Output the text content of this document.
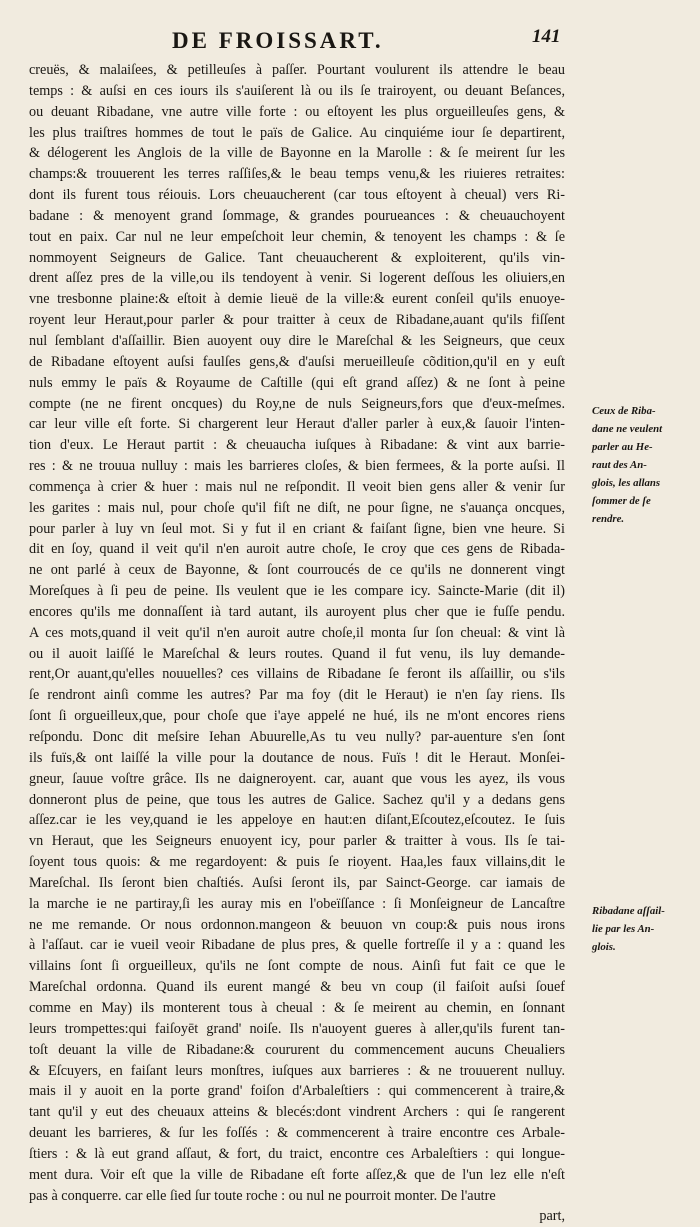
DE FROISSART.	141
creuës, & malaiſees, & petilleuſes à paſſer. Pourtant voulurent ils attendre le beau
temps : & auſsi en ces iours ils s'auiſerent là ou ils ſe trairoyent, ou deuant Beſances,
ou deuant Ribadane, vne autre ville forte : ou eſtoyent les plus orgueilleuſes gens, &
les plus traiſtres hommes de tout le païs de Galice. Au cinquiéme iour ſe departirent,
& délogerent les Anglois de la ville de Bayonne en la Marolle : & ſe meirent ſur les
champs:& trouuerent les terres raſſiſes,& le beau temps venu,& les riuieres retraites:
dont ils furent tous réiouis. Lors cheuaucherent (car tous eſtoyent à cheual) vers Ri-
badane : & menoyent grand ſommage, & grandes pourueances : & cheuauchoyent
tout en paix. Car nul ne leur empeſchoit leur chemin, & tenoyent les champs : & ſe
nommoyent Seigneurs de Galice. Tant cheuaucherent & exploiterent, qu'ils vin-
drent aſſez pres de la ville,ou ils tendoyent à venir. Si logerent deſſous les oliuiers,en
vne tresbonne plaine:& eſtoit à demie lieuë de la ville:& eurent conſeil qu'ils enuoye-
royent leur Heraut,pour parler & pour traitter à ceux de Ribadane,auant qu'ils fiſſent
nul ſemblant d'aſſaillir. Bien auoyent ouy dire le Mareſchal & les Seigneurs, que ceux
de Ribadane eſtoyent auſsi faulſes gens,& d'auſsi merueilleuſe cõdition,qu'il en y euſt
nuls emmy le païs & Royaume de Caſtille (qui eſt grand aſſez) & ne ſont à peine
compte (ne ne firent oncques) du Roy,ne de nuls Seigneurs,fors que d'eux-meſmes.
car leur ville eſt forte. Si chargerent leur Heraut d'aller parler à eux,& ſauoir l'inten-
tion d'eux. Le Heraut partit : & cheuaucha iuſques à Ribadane: & vint aux barrie-
res : & ne trouua nulluy : mais les barrieres cloſes, & bien fermees, & la porte auſsi. Il
commença à crier & huer : mais nul ne reſpondit. Il veoit bien gens aller & venir ſur
les garites : mais nul, pour choſe qu'il fiſt ne diſt, ne pour ſigne, ne s'auança oncques,
pour parler à luy vn ſeul mot. Si y fut il en criant & faiſant ſigne, bien vne heure. Si
dit en ſoy, quand il veit qu'il n'en auroit autre choſe, Ie croy que ces gens de Ribada-
ne ont parlé à ceux de Bayonne, & ſont courroucés de ce qu'ils ne donnerent vingt
Moreſques à ſi peu de peine. Ils veulent que ie les compare icy. Saincte-Marie (dit il)
encores qu'ils me donnaſſent ià tard autant, ils auroyent plus cher que ie fuſſe pendu.
A ces mots,quand il veit qu'il n'en auroit autre choſe,il monta ſur ſon cheual: & vint là
ou il auoit laiſſé le Mareſchal & leurs routes. Quand il fut venu, ils luy demande-
rent,Or auant,qu'elles nouuelles? ces villains de Ribadane ſe feront ils aſſaillir, ou s'ils
ſe rendront ainſi comme les autres? Par ma foy (dit le Heraut) ie n'en ſay riens. Ils
ſont ſi orgueilleux,que, pour choſe que i'aye appelé ne hué, ils ne m'ont encores riens
reſpondu. Donc dit meſsire Iehan Abuurelle,As tu veu nully? par-auenture s'en ſont
ils fuïs,& ont laiſſé la ville pour la doutance de nous. Fuïs ! dit le Heraut. Monſei-
gneur, ſauue voſtre grâce. Ils ne daigneroyent. car, auant que vous les ayez, ils vous
donneront plus de peine, que tous les autres de Galice. Sachez qu'il y a dedans gens
aſſez.car ie les vey,quand ie les appeloye en haut:en diſant,Eſcoutez,eſcoutez. Ie ſuis
vn Heraut, que les Seigneurs enuoyent icy, pour parler & traitter à vous. Ils ſe tai-
ſoyent tous quois: & me regardoyent: & puis ſe rioyent. Haa,les faux villains,dit le
Mareſchal. Ils ſeront bien chaſtiés. Auſsi ſeront ils, par Sainct-George. car iamais de
la marche ie ne partiray,ſi les auray mis en l'obeïſſance : ſi Monſeigneur de Lancaſtre
ne me remande. Or nous ordonnon.mangeon & beuuon vn coup:& puis nous irons
à l'aſſaut. car ie vueil veoir Ribadane de plus pres, & quelle fortreſſe il y a : quand les
villains ſont ſi orgueilleux, qu'ils ne ſont compte de nous. Ainſi fut fait ce que le
Mareſchal ordonna. Quand ils eurent mangé & beu vn coup (il faiſoit auſsi ſouef
comme en May) ils monterent tous à cheual : & ſe meirent au chemin, en ſonnant
leurs trompettes:qui faiſoyēt grand' noiſe. Ils n'auoyent gueres à aller,qu'ils furent tan-
toſt deuant la ville de Ribadane:& coururent du commencement aucuns Cheualiers
& Eſcuyers, en faiſant leurs monſtres, iuſques aux barrieres : & ne trouuerent nulluy.
mais il y auoit en la porte grand' foiſon d'Arbaleſtiers : qui commencerent à traire,&
tant qu'il y eut des cheuaux atteins & blecés:dont vindrent Archers : qui ſe rangerent
deuant les barrieres, & ſur les foſſés : & commencerent à traire encontre ces Arbale-
ſtiers : & là eut grand aſſaut, & fort, du traict, encontre ces Arbaleſtiers : qui longue-
ment dura. Voir eſt que la ville de Ribadane eſt forte aſſez,& que de l'un lez elle n'eſt
pas à conquerre. car elle ſied ſur toute roche : ou nul ne pourroit monter. De l'autre
part,
Ceux de Riba-
dane ne veulent
parler au He-
raut des An-
glois, les allans
ſommer de ſe
rendre.
Ribadane aſſail-
lie par les An-
glois.
